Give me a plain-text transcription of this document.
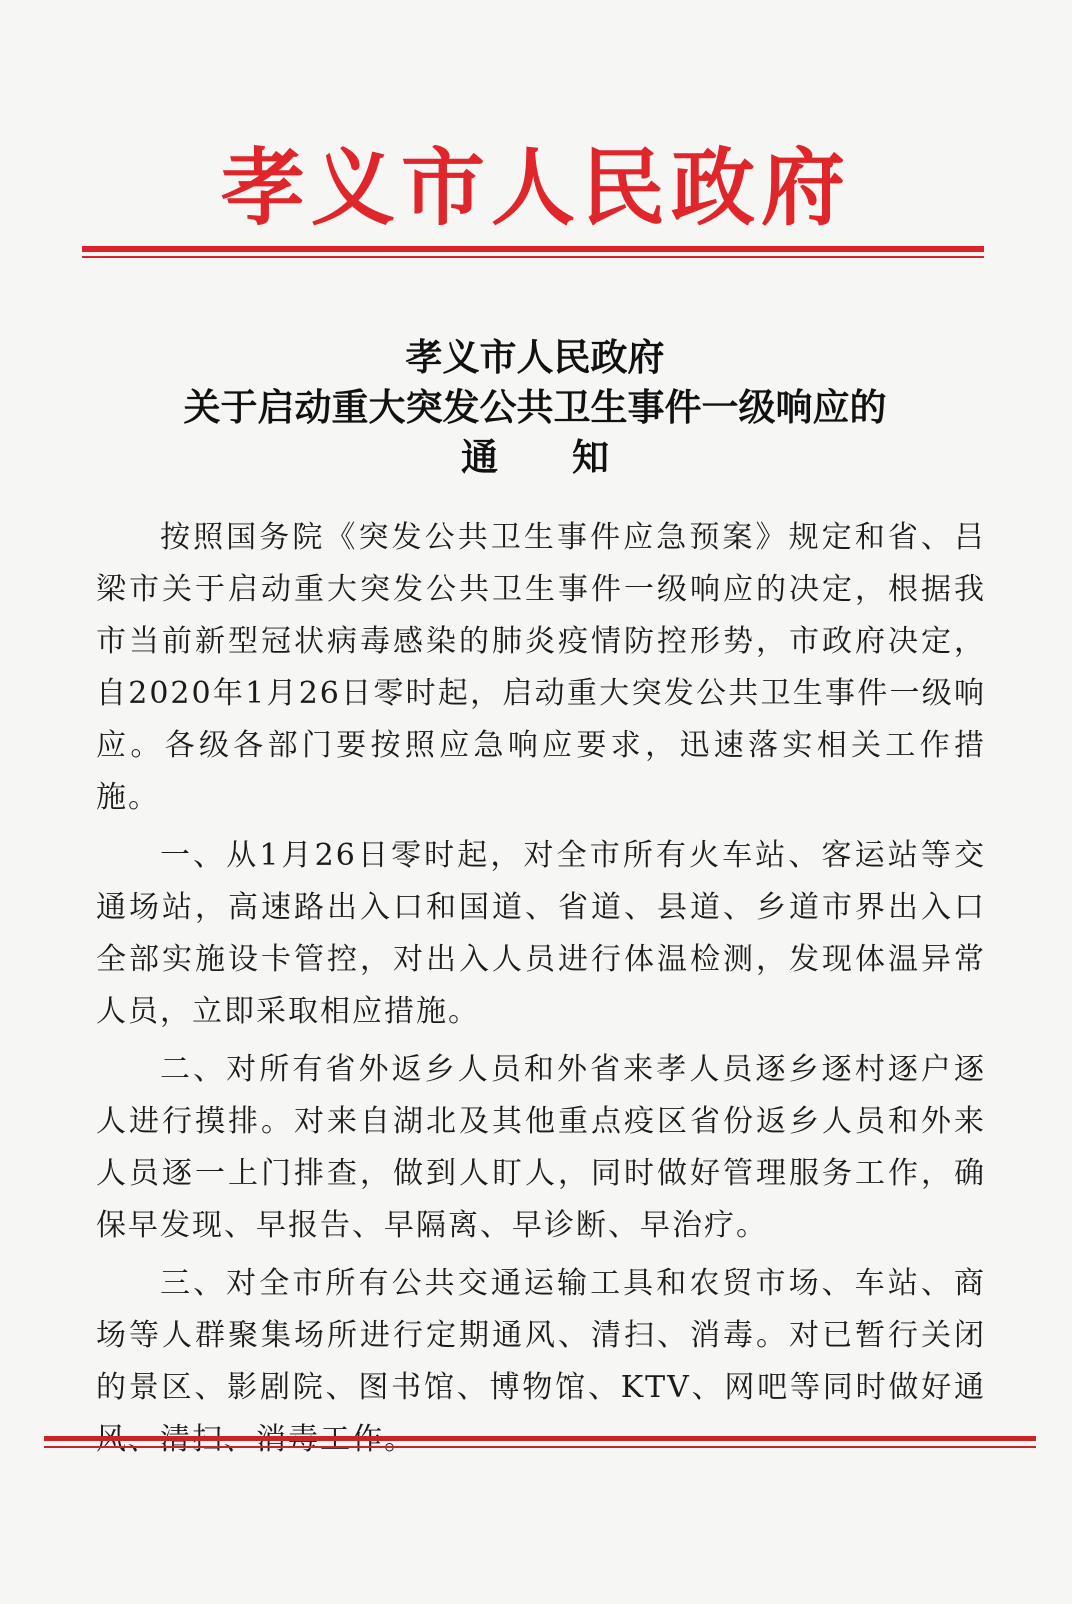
孝义市人民政府
孝义市人民政府
关于启动重大突发公共卫生事件一级响应的
通　　知

按照国务院《突发公共卫生事件应急预案》规定和省、吕梁市关于启动重大突发公共卫生事件一级响应的决定，根据我市当前新型冠状病毒感染的肺炎疫情防控形势，市政府决定，自2020年1月26日零时起，启动重大突发公共卫生事件一级响应。各级各部门要按照应急响应要求，迅速落实相关工作措施。

一、从1月26日零时起，对全市所有火车站、客运站等交通场站，高速路出入口和国道、省道、县道、乡道市界出入口全部实施设卡管控，对出入人员进行体温检测，发现体温异常人员，立即采取相应措施。

二、对所有省外返乡人员和外省来孝人员逐乡逐村逐户逐人进行摸排。对来自湖北及其他重点疫区省份返乡人员和外来人员逐一上门排查，做到人盯人，同时做好管理服务工作，确保早发现、早报告、早隔离、早诊断、早治疗。

三、对全市所有公共交通运输工具和农贸市场、车站、商场等人群聚集场所进行定期通风、清扫、消毒。对已暂行关闭的景区、影剧院、图书馆、博物馆、KTV、网吧等同时做好通
